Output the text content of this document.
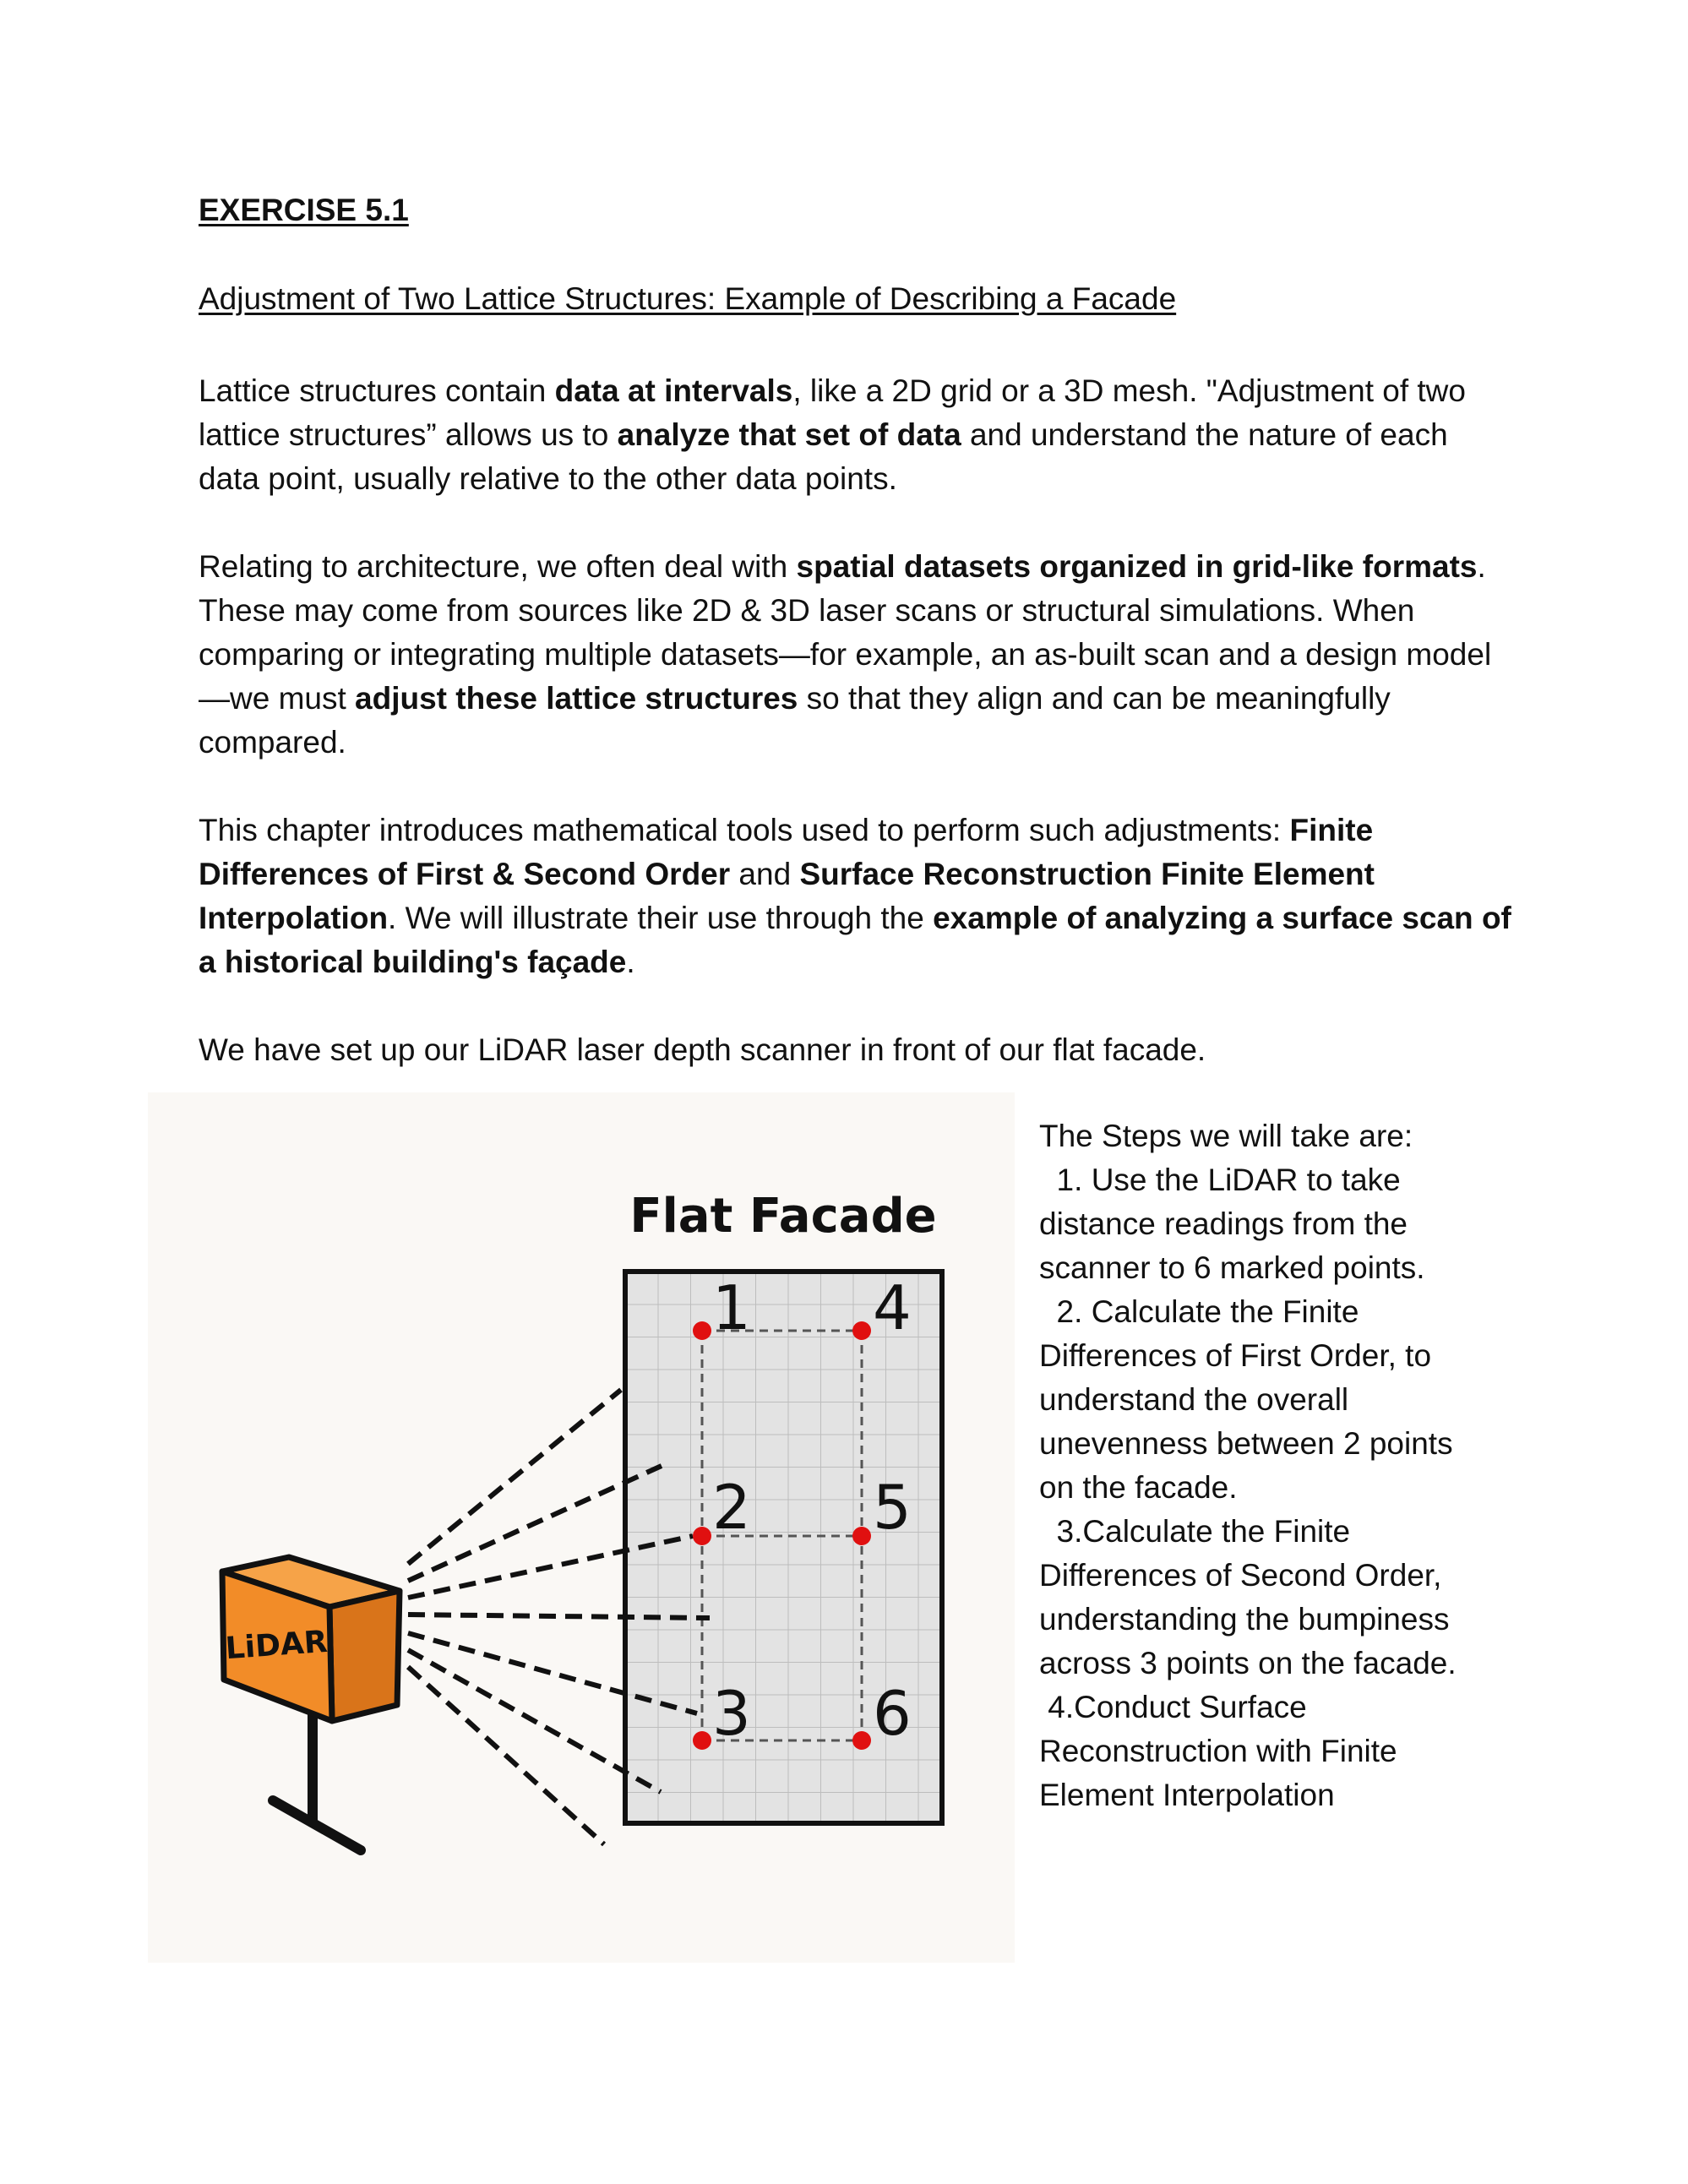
EXERCISE 5.1
Adjustment of Two Lattice Structures: Example of Describing a Facade

Lattice structures contain data at intervals, like a 2D grid or a 3D mesh. "Adjustment of two lattice structures” allows us to analyze that set of data and understand the nature of each data point, usually relative to the other data points.

Relating to architecture, we often deal with spatial datasets organized in grid-like formats. These may come from sources like 2D & 3D laser scans or structural simulations. When comparing or integrating multiple datasets—for example, an as-built scan and a design model—we must adjust these lattice structures so that they align and can be meaningfully compared.

This chapter introduces mathematical tools used to perform such adjustments: Finite Differences of First & Second Order and Surface Reconstruction Finite Element Interpolation. We will illustrate their use through the example of analyzing a surface scan of a historical building's façade.

We have set up our LiDAR laser depth scanner in front of our flat facade.

Flat Facade
LiDAR
1
2
3
4
5
6
The Steps we will take are:
1. Use the LiDAR to take
distance readings from the
scanner to 6 marked points.
2. Calculate the Finite
Differences of First Order, to
understand the overall
unevenness between 2 points
on the facade.
3.Calculate the Finite
Differences of Second Order,
understanding the bumpiness
across 3 points on the facade.
4.Conduct Surface
Reconstruction with Finite
Element Interpolation
